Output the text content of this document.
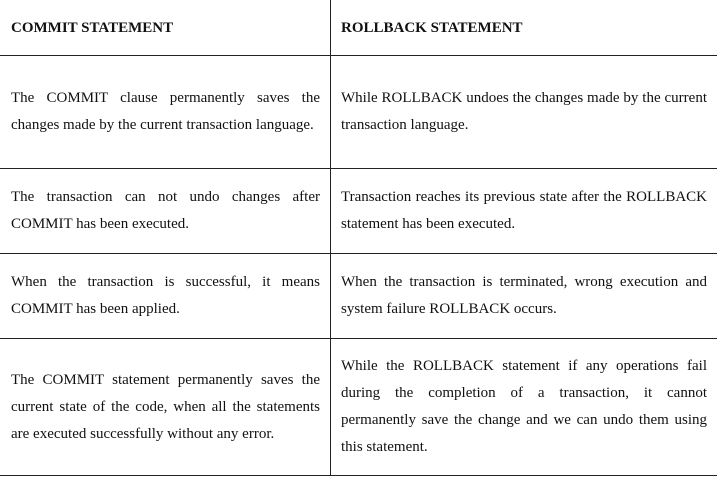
COMMIT STATEMENT	ROLLBACK STATEMENT
The COMMIT clause permanently saves the changes made by the current transaction language.	While ROLLBACK undoes the changes made by the current transaction language.
The transaction can not undo changes after COMMIT has been executed.	Transaction reaches its previous state after the ROLLBACK statement has been executed.
When the transaction is successful, it means COMMIT has been applied.	When the transaction is terminated, wrong execution and system failure ROLLBACK occurs.
The COMMIT statement permanently saves the current state of the code, when all the statements are executed successfully without any error.	While the ROLLBACK statement if any operations fail during the completion of a transaction, it cannot permanently save the change and we can undo them using this statement.
